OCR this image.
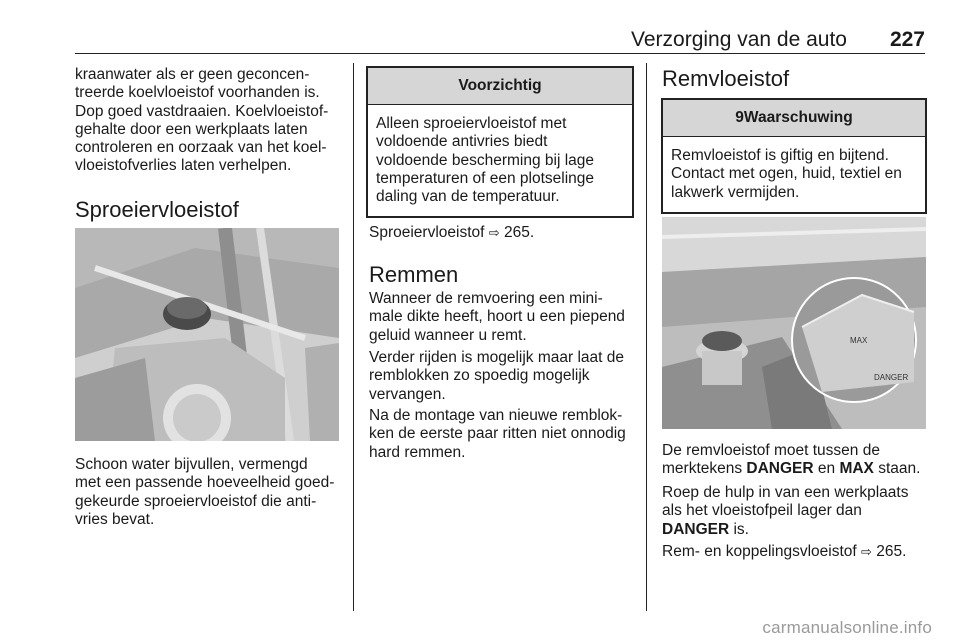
Verzorging van de auto 227
kraanwater als er geen geconcen-
treerde koelvloeistof voorhanden is.
Dop goed vastdraaien. Koelvloeistof-
gehalte door een werkplaats laten
controleren en oorzaak van het koel-
vloeistofverlies laten verhelpen.
Sproeiervloeistof
Schoon water bijvullen, vermengd
met een passende hoeveelheid goed-
gekeurde sproeiervloeistof die anti-
vries bevat.
Voorzichtig
Alleen sproeiervloeistof met
voldoende antivries biedt
voldoende bescherming bij lage
temperaturen of een plotselinge
daling van de temperatuur.
Sproeiervloeistof ⇨ 265.
Remmen
Wanneer de remvoering een mini-
male dikte heeft, hoort u een piepend
geluid wanneer u remt.
Verder rijden is mogelijk maar laat de
remblokken zo spoedig mogelijk
vervangen.
Na de montage van nieuwe remblok-
ken de eerste paar ritten niet onnodig
hard remmen.
Remvloeistof
9Waarschuwing
Remvloeistof is giftig en bijtend.
Contact met ogen, huid, textiel en
lakwerk vermijden.
MAX
DANGER
De remvloeistof moet tussen de
merktekens DANGER en MAX staan.
Roep de hulp in van een werkplaats
als het vloeistofpeil lager dan
DANGER is.
Rem- en koppelingsvloeistof ⇨ 265.
carmanualsonline.info
